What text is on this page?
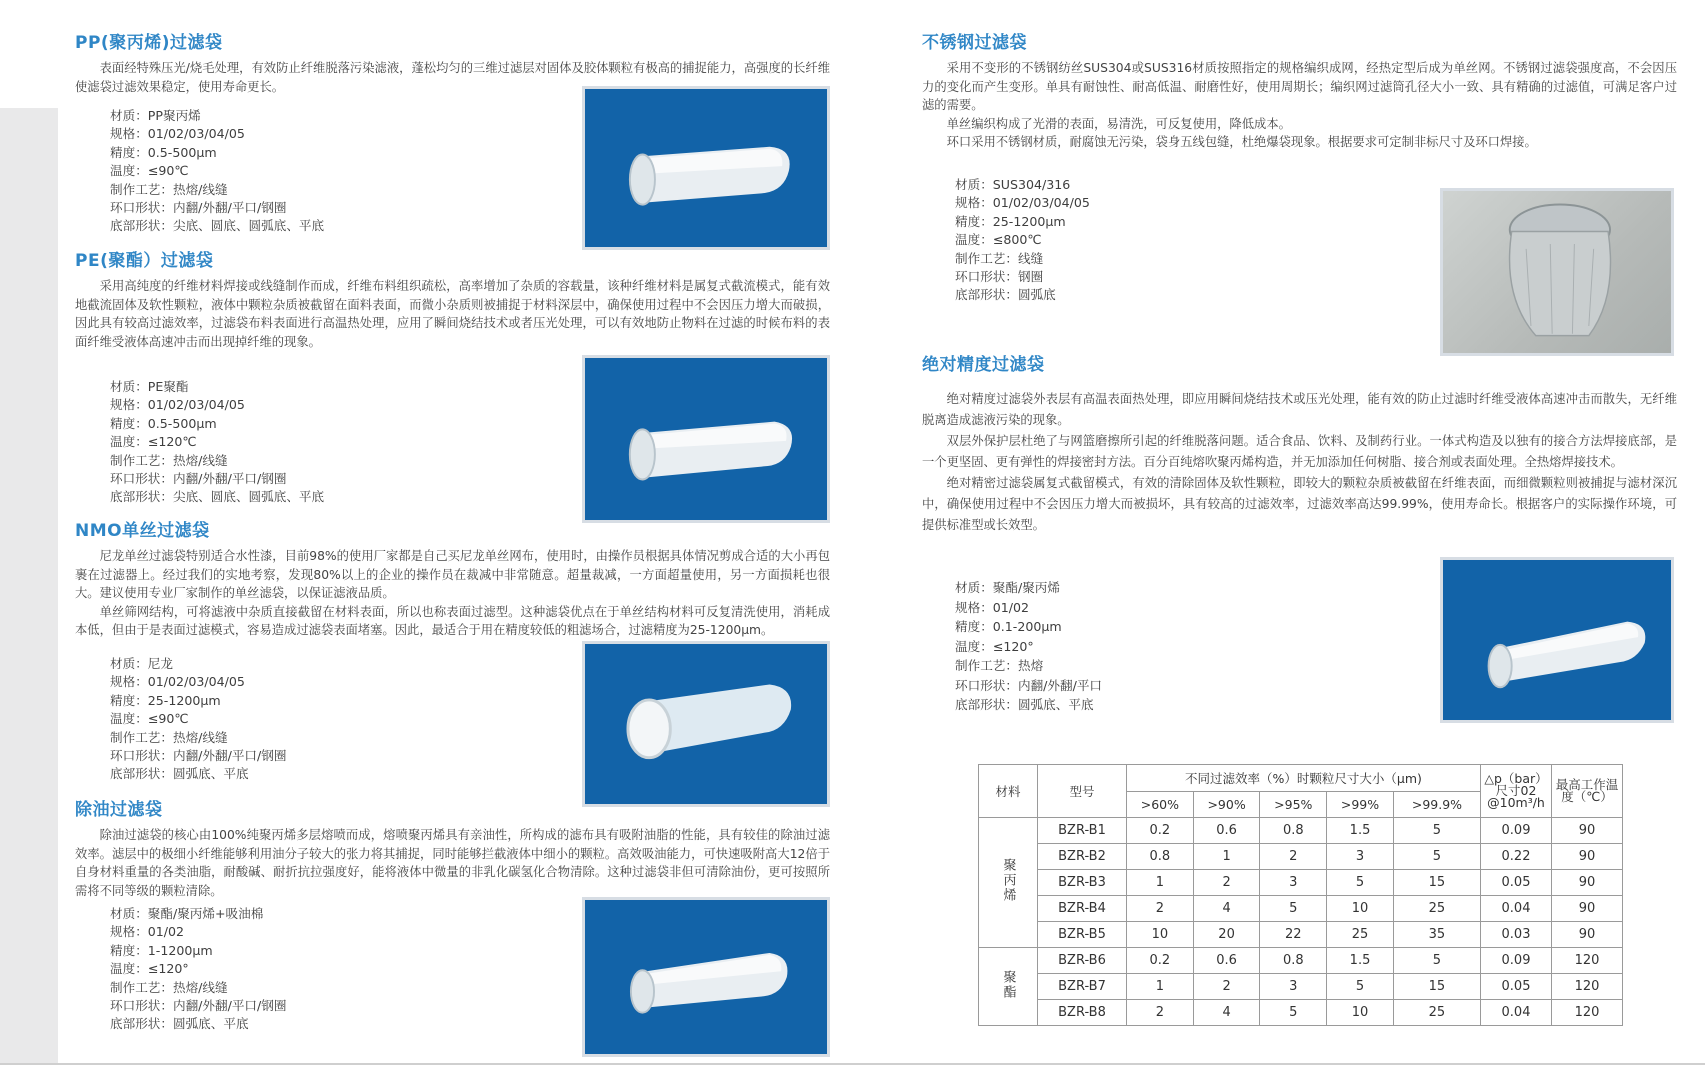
PP(聚丙烯)过滤袋

表面经特殊压光/烧毛处理，有效防止纤维脱落污染滤液，蓬松均匀的三维过滤层对固体及胶体颗粒有极高的捕捉能力，高强度的长纤维使滤袋过滤效果稳定，使用寿命更长。

材质：PP聚丙烯
规格：01/02/03/04/05
精度：0.5-500μm
温度：≤90℃
制作工艺：热熔/线缝
环口形状：内翻/外翻/平口/钢圈
底部形状：尖底、圆底、圆弧底、平底
PE(聚酯）过滤袋

采用高纯度的纤维材料焊接或线缝制作而成，纤维布料组织疏松，高率增加了杂质的容载量，该种纤维材料是属复式截流模式，能有效地截流固体及软性颗粒，液体中颗粒杂质被截留在面料表面，而微小杂质则被捕捉于材料深层中，确保使用过程中不会因压力增大而破损，因此具有较高过滤效率，过滤袋布料表面进行高温热处理，应用了瞬间烧结技术或者压光处理，可以有效地防止物料在过滤的时候布料的表面纤维受液体高速冲击而出现掉纤维的现象。

材质：PE聚酯
规格：01/02/03/04/05
精度：0.5-500μm
温度：≤120℃
制作工艺：热熔/线缝
环口形状：内翻/外翻/平口/钢圈
底部形状：尖底、圆底、圆弧底、平底
NMO单丝过滤袋

尼龙单丝过滤袋特别适合水性漆，目前98%的使用厂家都是自己买尼龙单丝网布，使用时，由操作员根据具体情况剪成合适的大小再包裹在过滤器上。经过我们的实地考察，发现80%以上的企业的操作员在裁减中非常随意。超量裁减，一方面超量使用，另一方面损耗也很大。建议使用专业厂家制作的单丝滤袋，以保证滤液品质。

单丝筛网结构，可将滤液中杂质直接截留在材料表面，所以也称表面过滤型。这种滤袋优点在于单丝结构材料可反复清洗使用，消耗成本低，但由于是表面过滤模式，容易造成过滤袋表面堵塞。因此，最适合于用在精度较低的粗滤场合，过滤精度为25-1200μm。

材质：尼龙
规格：01/02/03/04/05
精度：25-1200μm
温度：≤90℃
制作工艺：热熔/线缝
环口形状：内翻/外翻/平口/钢圈
底部形状：圆弧底、平底
除油过滤袋

除油过滤袋的核心由100%纯聚丙烯多层熔喷而成，熔喷聚丙烯具有亲油性，所构成的滤布具有吸附油脂的性能，具有较佳的除油过滤效率。滤层中的极细小纤维能够利用油分子较大的张力将其捕捉，同时能够拦截液体中细小的颗粒。高效吸油能力，可快速吸附高大12倍于自身材料重量的各类油脂，耐酸碱、耐折抗拉强度好，能将液体中微量的非乳化碳氢化合物清除。这种过滤袋非但可清除油份，更可按照所需将不同等级的颗粒清除。

材质：聚酯/聚丙烯+吸油棉
规格：01/02
精度：1-1200μm
温度：≤120°
制作工艺：热熔/线缝
环口形状：内翻/外翻/平口/钢圈
底部形状：圆弧底、平底
不锈钢过滤袋

采用不变形的不锈钢纺丝SUS304或SUS316材质按照指定的规格编织成网，经热定型后成为单丝网。不锈钢过滤袋强度高，不会因压力的变化而产生变形。单具有耐蚀性、耐高低温、耐磨性好，使用周期长；编织网过滤筒孔径大小一致、具有精确的过滤值，可满足客户过滤的需要。

单丝编织构成了光滑的表面，易清洗，可反复使用，降低成本。

环口采用不锈钢材质，耐腐蚀无污染，袋身五线包缝，杜绝爆袋现象。根据要求可定制非标尺寸及环口焊接。

材质：SUS304/316
规格：01/02/03/04/05
精度：25-1200μm
温度：≤800℃
制作工艺：线缝
环口形状：钢圈
底部形状：圆弧底
绝对精度过滤袋

绝对精度过滤袋外表层有高温表面热处理，即应用瞬间烧结技术或压光处理，能有效的防止过滤时纤维受液体高速冲击而散失，无纤维脱离造成滤液污染的现象。

双层外保护层杜绝了与网篮磨擦所引起的纤维脱落问题。适合食品、饮料、及制药行业。一体式构造及以独有的接合方法焊接底部，是一个更坚固、更有弹性的焊接密封方法。百分百纯熔吹聚丙烯构造，并无加添加任何树脂、接合剂或表面处理。全热熔焊接技术。

绝对精密过滤袋属复式截留模式，有效的清除固体及软性颗粒，即较大的颗粒杂质被截留在纤维表面，而细微颗粒则被捕捉与滤材深沉中，确保使用过程中不会因压力增大而被损坏，具有较高的过滤效率，过滤效率高达99.99%，使用寿命长。根据客户的实际操作环境，可提供标准型或长效型。

材质：聚酯/聚丙烯
规格：01/02
精度：0.1-200μm
温度：≤120°
制作工艺：热熔
环口形状：内翻/外翻/平口
底部形状：圆弧底、平底
材料	型号	不同过滤效率（%）时颗粒尺寸大小（μm)					△p（bar）尺寸02 @10m³/h	最高工作温度（℃）
		>60%	>90%	>95%	>99%	>99.9%		
聚丙烯	BZR-B1	0.2	0.6	0.8	1.5	5	0.09	90
	BZR-B2	0.8	1	2	3	5	0.22	90
	BZR-B3	1	2	3	5	15	0.05	90
	BZR-B4	2	4	5	10	25	0.04	90
	BZR-B5	10	20	22	25	35	0.03	90
聚酯	BZR-B6	0.2	0.6	0.8	1.5	5	0.09	120
	BZR-B7	1	2	3	5	15	0.05	120
	BZR-B8	2	4	5	10	25	0.04	120
